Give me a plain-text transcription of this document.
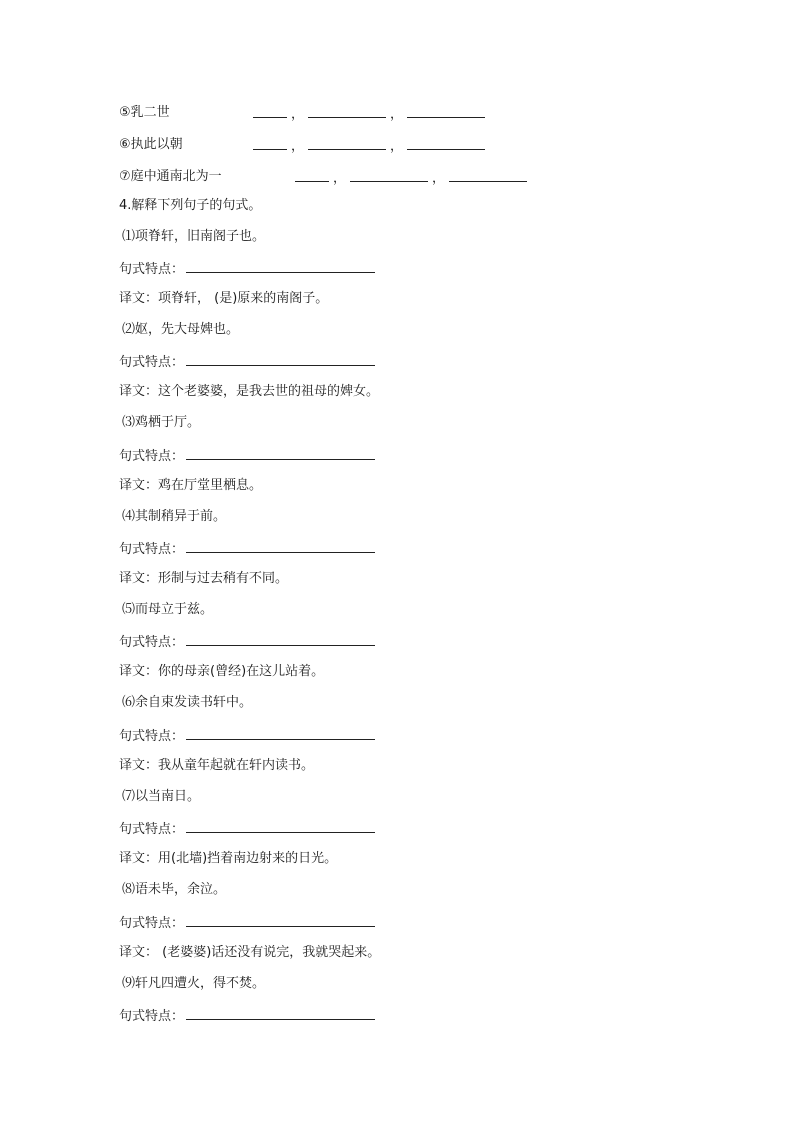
⑤乳二世	，	，
⑥执此以朝	，	，
⑦庭中通南北为一	，	，
4.解释下列句子的句式。
⑴项脊轩，旧南阁子也。
句式特点：
译文：项脊轩， (是)原来的南阁子。
⑵妪，先大母婢也。
句式特点：
译文：这个老婆婆，是我去世的祖母的婢女。
⑶鸡栖于厅。
句式特点：
译文：鸡在厅堂里栖息。
⑷其制稍异于前。
句式特点：
译文：形制与过去稍有不同。
⑸而母立于兹。
句式特点：
译文：你的母亲(曾经)在这儿站着。
⑹余自束发读书轩中。
句式特点：
译文：我从童年起就在轩内读书。
⑺以当南日。
句式特点：
译文：用(北墙)挡着南边射来的日光。
⑻语未毕，余泣。
句式特点：
译文： (老婆婆)话还没有说完，我就哭起来。
⑼轩凡四遭火，得不焚。
句式特点：
